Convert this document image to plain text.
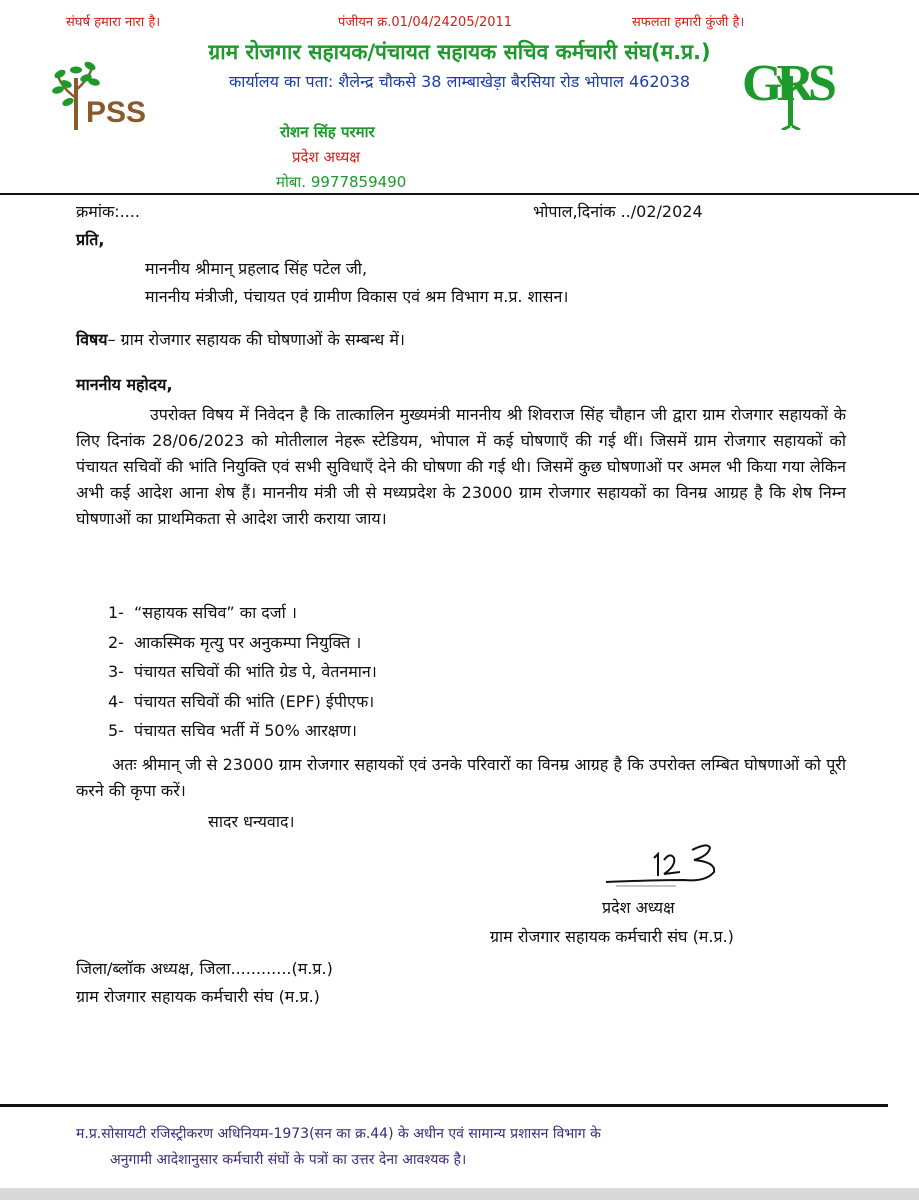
संघर्ष हमारा नारा है।	पंजीयन क्र.01/04/24205/2011	सफलता हमारी कुंजी है।
ग्राम रोजगार सहायक/पंचायत सहायक सचिव कर्मचारी संघ(म.प्र.)
कार्यालय का पता: शैलेन्द्र चौकसे 38 लाम्बाखेड़ा बैरसिया रोड भोपाल 462038
PSS
GRS
रोशन सिंह परमार
प्रदेश अध्यक्ष
मोबा. 9977859490
क्रमांक:....	भोपाल,दिनांक ../02/2024
प्रति,
माननीय श्रीमान् प्रहलाद सिंह पटेल जी,
माननीय मंत्रीजी, पंचायत एवं ग्रामीण विकास एवं श्रम विभाग म.प्र. शासन।
विषय– ग्राम रोजगार सहायक की घोषणाओं के सम्बन्ध में।
माननीय महोदय,
उपरोक्त विषय में निवेदन है कि तात्कालिन मुख्यमंत्री माननीय श्री शिवराज सिंह चौहान जी द्वारा ग्राम रोजगार सहायकों के लिए दिनांक 28/06/2023 को मोतीलाल नेहरू स्टेडियम, भोपाल में कई घोषणाएँ की गई थीं। जिसमें ग्राम रोजगार सहायकों को पंचायत सचिवों की भांति नियुक्ति एवं सभी सुविधाएँ देने की घोषणा की गई थी। जिसमें कुछ घोषणाओं पर अमल भी किया गया लेकिन अभी कई आदेश आना शेष हैं। माननीय मंत्री जी से मध्यप्रदेश के 23000 ग्राम रोजगार सहायकों का विनम्र आग्रह है कि शेष निम्न घोषणाओं का प्राथमिकता से आदेश जारी कराया जाय।
1- “सहायक सचिव” का दर्जा ।
2- आकस्मिक मृत्यु पर अनुकम्पा नियुक्ति ।
3- पंचायत सचिवों की भांति ग्रेड पे, वेतनमान।
4- पंचायत सचिवों की भांति (EPF) ईपीएफ।
5- पंचायत सचिव भर्ती में 50% आरक्षण।
अतः श्रीमान् जी से 23000 ग्राम रोजगार सहायकों एवं उनके परिवारों का विनम्र आग्रह है कि उपरोक्त लम्बित घोषणाओं को पूरी करने की कृपा करें।
सादर धन्यवाद।
प्रदेश अध्यक्ष
ग्राम रोजगार सहायक कर्मचारी संघ (म.प्र.)
जिला/ब्लॉक अध्यक्ष, जिला............(म.प्र.)
ग्राम रोजगार सहायक कर्मचारी संघ (म.प्र.)
म.प्र.सोसायटी रजिस्ट्रीकरण अधिनियम-1973(सन का क्र.44) के अधीन एवं सामान्य प्रशासन विभाग के
अनुगामी आदेशानुसार कर्मचारी संघों के पत्रों का उत्तर देना आवश्यक है।
